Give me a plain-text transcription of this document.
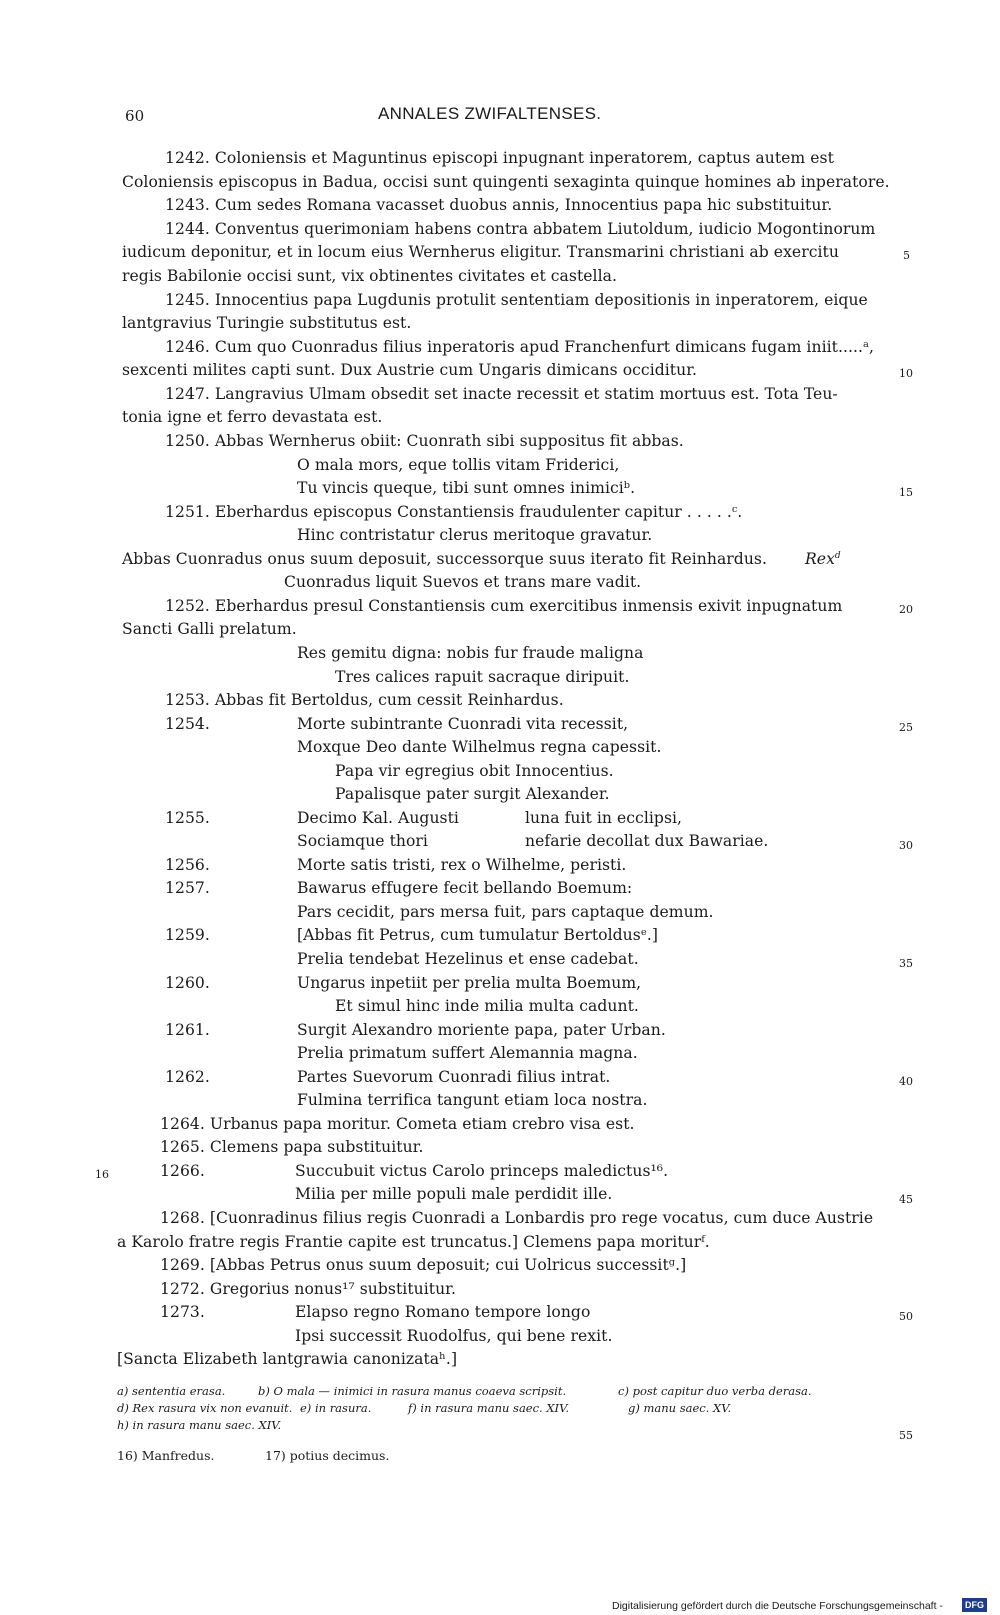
60	ANNALES ZWIFALTENSES.
1242. Coloniensis et Maguntinus episcopi inpugnant inperatorem, captus autem est
Coloniensis episcopus in Badua, occisi sunt quingenti sexaginta quinque homines ab inperatore.
1243. Cum sedes Romana vacasset duobus annis, Innocentius papa hic substituitur.
1244. Conventus querimoniam habens contra abbatem Liutoldum, iudicio Mogontinorum
iudicum deponitur, et in locum eius Wernherus eligitur. Transmarini christiani ab exercitu
regis Babilonie occisi sunt, vix obtinentes civitates et castella.
1245. Innocentius papa Lugdunis protulit sententiam depositionis in inperatorem, eique
lantgravius Turingie substitutus est.
1246. Cum quo Cuonradus filius inperatoris apud Franchenfurt dimicans fugam iniit.....ᵃ,
sexcenti milites capti sunt. Dux Austrie cum Ungaris dimicans occiditur.
1247. Langravius Ulmam obsedit set inacte recessit et statim mortuus est. Tota Teu-
tonia igne et ferro devastata est.
1250. Abbas Wernherus obiit: Cuonrath sibi suppositus fit abbas.
O mala mors, eque tollis vitam Friderici,
Tu vincis queque, tibi sunt omnes inimiciᵇ.
1251. Eberhardus episcopus Constantiensis fraudulenter capitur . . . . .ᶜ.
Hinc contristatur clerus meritoque gravatur.
Abbas Cuonradus onus suum deposuit, successorque suus iterato fit Reinhardus. Rex$^d$
Cuonradus liquit Suevos et trans mare vadit.
1252. Eberhardus presul Constantiensis cum exercitibus inmensis exivit inpugnatum
Sancti Galli prelatum.
Res gemitu digna: nobis fur fraude maligna
Tres calices rapuit sacraque diripuit.
1253. Abbas fit Bertoldus, cum cessit Reinhardus.
1254.	Morte subintrante Cuonradi vita recessit,
Moxque Deo dante Wilhelmus regna capessit.
Papa vir egregius obit Innocentius.
Papalisque pater surgit Alexander.
1255.	Decimo Kal. Augusti	luna fuit in ecclipsi,
Sociamque thori	nefarie decollat dux Bawariae.
1256.	Morte satis tristi, rex o Wilhelme, peristi.
1257.	Bawarus effugere fecit bellando Boemum:
Pars cecidit, pars mersa fuit, pars captaque demum.
1259.	[Abbas fit Petrus, cum tumulatur Bertoldusᵉ.]
Prelia tendebat Hezelinus et ense cadebat.
1260.	Ungarus inpetiit per prelia multa Boemum,
Et simul hinc inde milia multa cadunt.
1261.	Surgit Alexandro moriente papa, pater Urban.
Prelia primatum suffert Alemannia magna.
1262.	Partes Suevorum Cuonradi filius intrat.
Fulmina terrifica tangunt etiam loca nostra.
1264. Urbanus papa moritur. Cometa etiam crebro visa est.
1265. Clemens papa substituitur.
1266.	Succubuit victus Carolo princeps maledictus¹⁶.
Milia per mille populi male perdidit ille.
1268. [Cuonradinus filius regis Cuonradi a Lonbardis pro rege vocatus, cum duce Austrie
a Karolo fratre regis Frantie capite est truncatus.] Clemens papa moriturᶠ.
1269. [Abbas Petrus onus suum deposuit; cui Uolricus successitᵍ.]
1272. Gregorius nonus¹⁷ substituitur.
1273.	Elapso regno Romano tempore longo
Ipsi successit Ruodolfus, qui bene rexit.
[Sancta Elizabeth lantgrawia canonizataʰ.]
5
10
15
20
25
30
35
40
45
50
55
16
a) sententia erasa.	b) O mala — inimici in rasura manus coaeva scripsit.	c) post capitur duo verba derasa.
d) Rex rasura vix non evanuit. e) in rasura.	f) in rasura manu saec. XIV.	g) manu saec. XV.
h) in rasura manu saec. XIV.
16) Manfredus.	17) potius decimus.
Digitalisierung gefördert durch die Deutsche Forschungsgemeinschaft -	DFG
